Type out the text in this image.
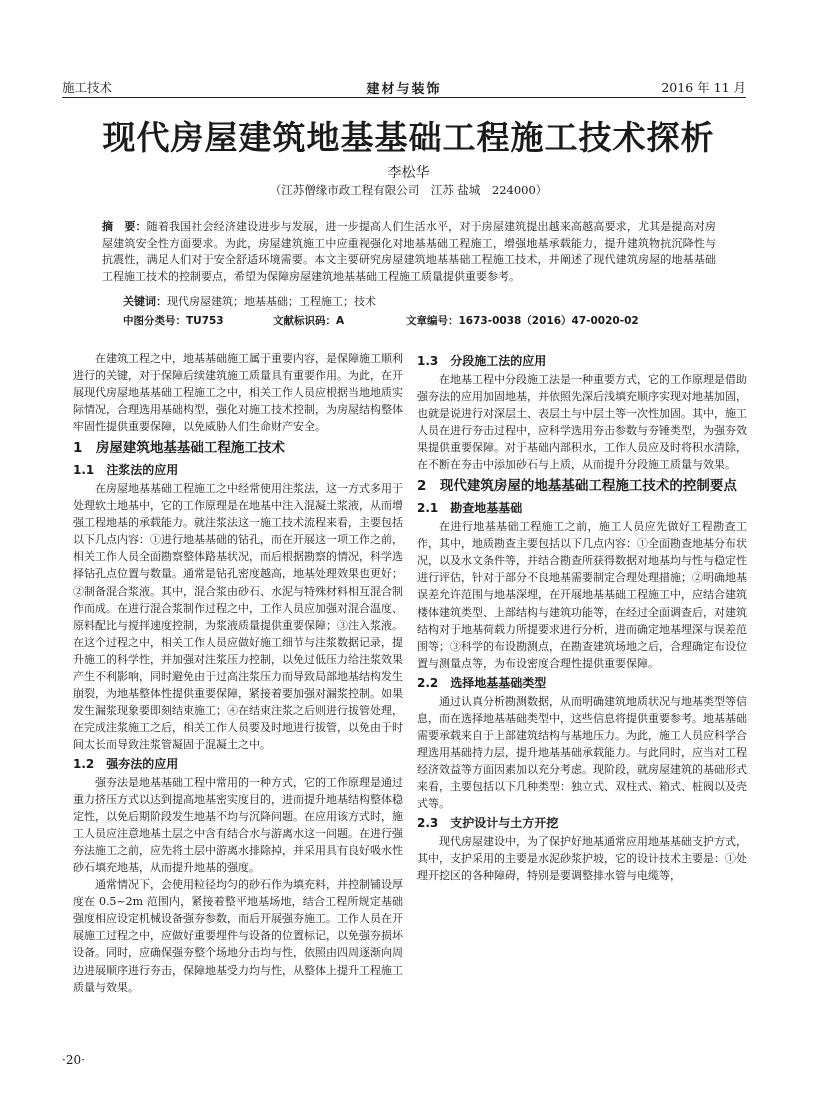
施工技术	建材与装饰	2016 年 11 月
现代房屋建筑地基基础工程施工技术探析
李松华
（江苏僧缘市政工程有限公司　江苏 盐城　224000）
摘　要：随着我国社会经济建设进步与发展，进一步提高人们生活水平，对于房屋建筑提出越来高越高要求，尤其是提高对房屋建筑安全性方面要求。为此，房屋建筑施工中应重视强化对地基基础工程施工，增强地基承载能力，提升建筑物抗沉降性与抗震性，满足人们对于安全舒适环境需要。本文主要研究房屋建筑地基基础工程施工技术，并阐述了现代建筑房屋的地基基础工程施工技术的控制要点，希望为保障房屋建筑地基基础工程施工质量提供重要参考。
关键词：现代房屋建筑；地基基础；工程施工；技术
中图分类号：TU753	文献标识码：A	文章编号：1673-0038（2016）47-0020-02

在建筑工程之中，地基基础施工属于重要内容，是保障施工顺利进行的关键，对于保障后续建筑施工质量具有重要作用。为此，在开展现代房屋地基基础工程施工之中，相关工作人员应根据当地地质实际情况，合理选用基础构型，强化对施工技术控制，为房屋结构整体牢固性提供重要保障，以免威胁人们生命财产安全。

1　房屋建筑地基基础工程施工技术
1.1　注浆法的应用

在房屋地基基础工程施工之中经常使用注浆法，这一方式多用于处理软土地基中，它的工作原理是在地基中注入混凝土浆液，从而增强工程地基的承载能力。就注浆法这一施工技术流程来看，主要包括以下几点内容：①进行地基基础的钻孔，而在开展这一项工作之前，相关工作人员全面勘察整体路基状况，而后根据勘察的情况，科学选择钻孔点位置与数量。通常是钻孔密度越高，地基处理效果也更好；②制备混合浆液。其中，混合浆由砂石、水泥与特殊材料相互混合制作而成。在进行混合浆制作过程之中，工作人员应加强对混合温度、原料配比与搅拌速度控制，为浆液质量提供重要保障；③注入浆液。在这个过程之中，相关工作人员应做好施工细节与注浆数据记录，提升施工的科学性，并加强对注浆压力控制，以免过低压力给注浆效果产生不利影响，同时避免由于过高注浆压力而导致局部地基结构发生崩裂，为地基整体性提供重要保障，紧接着要加强对漏浆控制。如果发生漏浆现象要即刻结束施工；④在结束注浆之后则进行拔管处理，在完成注浆施工之后，相关工作人员要及时地进行拔管，以免由于时间太长而导致注浆管凝固于混凝土之中。

1.2　强夯法的应用

强夯法是地基基础工程中常用的一种方式，它的工作原理是通过重力挤压方式以达到提高地基密实度目的，进而提升地基结构整体稳定性，以免后期阶段发生地基不均与沉降问题。在应用该方式时，施工人员应注意地基土层之中含有结合水与游离水这一问题。在进行强夯法施工之前，应先将土层中游离水排除掉，并采用具有良好吸水性砂石填充地基，从而提升地基的强度。

通常情况下，会使用粒径均匀的砂石作为填充料，并控制铺设厚度在 0.5~2m 范围内，紧接着整平地基场地，结合工程所规定基础强度相应设定机械设备强夯参数，而后开展强夯施工。工作人员在开展施工过程之中，应做好重要埋件与设备的位置标记，以免强夯损坏设备。同时，应确保强夯整个场地分击均与性，依照由四周逐渐向周边进展顺序进行夯击，保障地基受力均与性，从整体上提升工程施工质量与效果。

1.3　分段施工法的应用

在地基工程中分段施工法是一种重要方式，它的工作原理是借助强夯法的应用加固地基，并依照先深后浅填充顺序实现对地基加固，也就是说进行对深层土、表层土与中层土等一次性加固。其中，施工人员在进行夯击过程中，应科学选用夯击参数与夯锤类型，为强夯效果提供重要保障。对于基础内部积水，工作人员应及时将积水清除，在不断在夯击中添加砂石与上质，从而提升分段施工质量与效果。

2　现代建筑房屋的地基基础工程施工技术的控制要点
2.1　勘查地基基础

在进行地基基础工程施工之前，施工人员应先做好工程勘查工作，其中，地质勘查主要包括以下几点内容：①全面勘查地基分布状况，以及水文条件等，并结合勘查所获得数据对地基均与性与稳定性进行评估，针对于部分不良地基需要制定合理处理措施；②明确地基误差允许范围与地基深埋，在开展地基基础工程施工中，应结合建筑楼体建筑类型、上部结构与建筑功能等，在经过全面调查后，对建筑结构对于地基荷载力所提要求进行分析，进而确定地基埋深与误差范围等；③科学的布设勘测点，在勘查建筑场地之后，合理确定布设位置与测量点等，为布设密度合理性提供重要保障。

2.2　选择地基基础类型

通过认真分析勘测数据，从而明确建筑地质状况与地基类型等信息，而在选择地基基础类型中，这些信息将提供重要参考。地基基础需要承载来自于上部建筑结构与基地压力。为此，施工人员应科学合理选用基础持力层，提升地基基础承载能力。与此同时，应当对工程经济效益等方面因素加以充分考虑。现阶段，就房屋建筑的基础形式来看，主要包括以下几种类型：独立式、双柱式、箱式、桩阀以及壳式等。

2.3　支护设计与土方开挖

现代房屋建设中，为了保护好地基通常应用地基基础支护方式，其中，支护采用的主要是水泥砂浆护坡，它的设计技术主要是：①处理开挖区的各种障碍，特别是要调整排水管与电缆等，

·20·
